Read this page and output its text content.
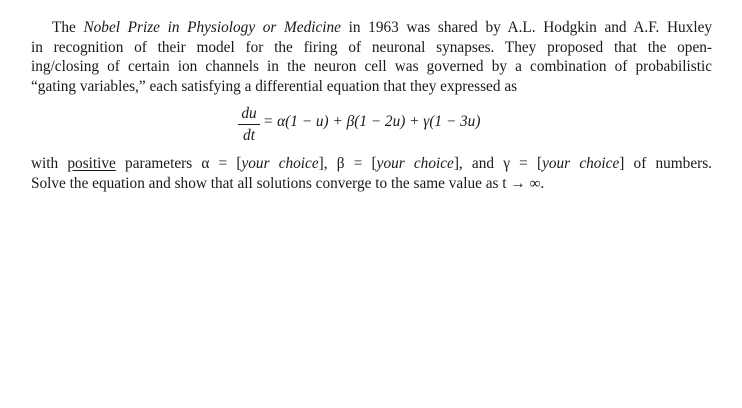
The Nobel Prize in Physiology or Medicine in 1963 was shared by A.L. Hodgkin and A.F. Huxley
in recognition of their model for the firing of neuronal synapses. They proposed that the open-
ing/closing of certain ion channels in the neuron cell was governed by a combination of probabilistic
“gating variables,” each satisfying a differential equation that they expressed as

du
dt
= α(1 − u) + β(1 − 2u) + γ(1 − 3u)

with positive parameters α = [your choice], β = [your choice], and γ = [your choice] of numbers.
Solve the equation and show that all solutions converge to the same value as t → ∞.
